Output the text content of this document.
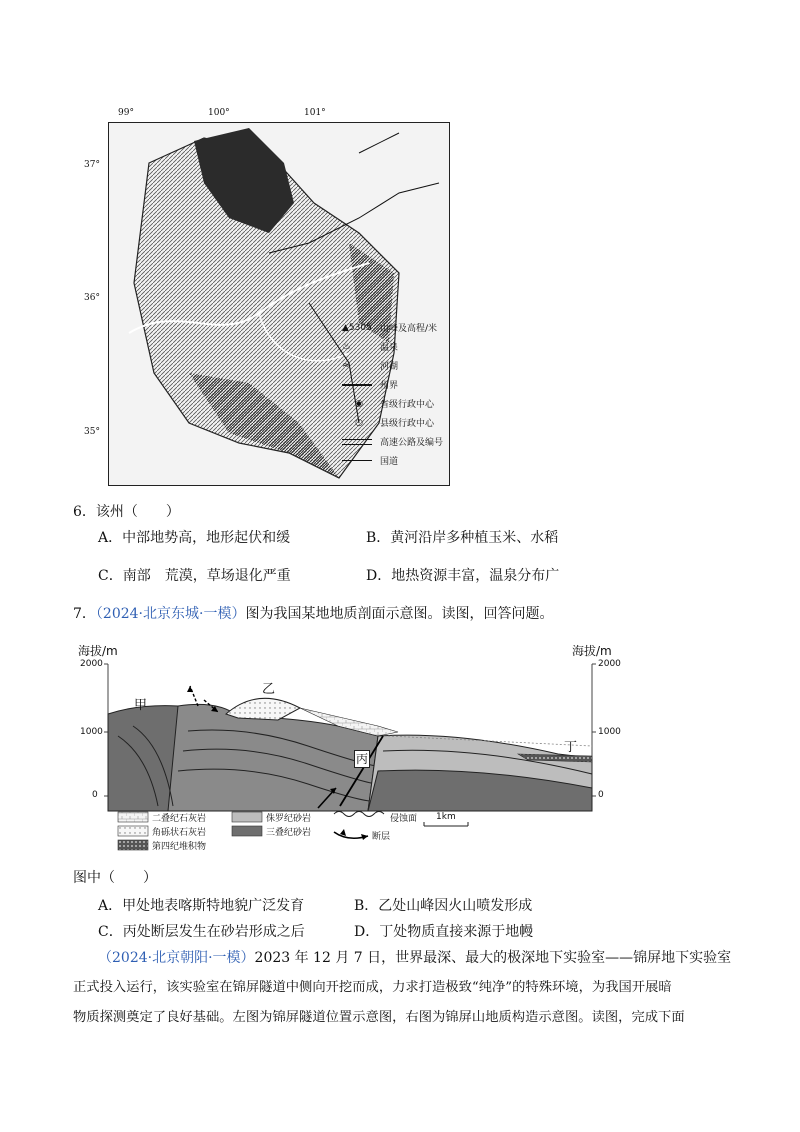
99°	100°	101°
37°
36°
35°
▲5305 山峰及高程/米
♨	温泉
≈	河湖
州界
◉	省级行政中心
○	县级行政中心
高速公路及编号
国道
6．该州（　　）
A．中部地势高，地形起伏和缓	B．黄河沿岸多种植玉米、水稻
C．南部　荒漠，草场退化严重	D．地热资源丰富，温泉分布广
7．（2024·北京东城·一模）图为我国某地地质剖面示意图。读图，回答问题。
海拔/m	海拔/m
2000
1000
0
2000
1000
0
甲
乙
丙
丁
二叠纪石灰岩
角砾状石灰岩
第四纪堆积物
侏罗纪砂岩
三叠纪砂岩
侵蚀面
断层
1km
图中（　　）
A．甲处地表喀斯特地貌广泛发育	B．乙处山峰因火山喷发形成
C．丙处断层发生在砂岩形成之后	D．丁处物质直接来源于地幔
（2024·北京朝阳·一模）2023 年 12 月 7 日，世界最深、最大的极深地下实验室——锦屏地下实验室
正式投入运行，该实验室在锦屏隧道中侧向开挖而成，力求打造极致“纯净”的特殊环境，为我国开展暗
物质探测奠定了良好基础。左图为锦屏隧道位置示意图，右图为锦屏山地质构造示意图。读图，完成下面
